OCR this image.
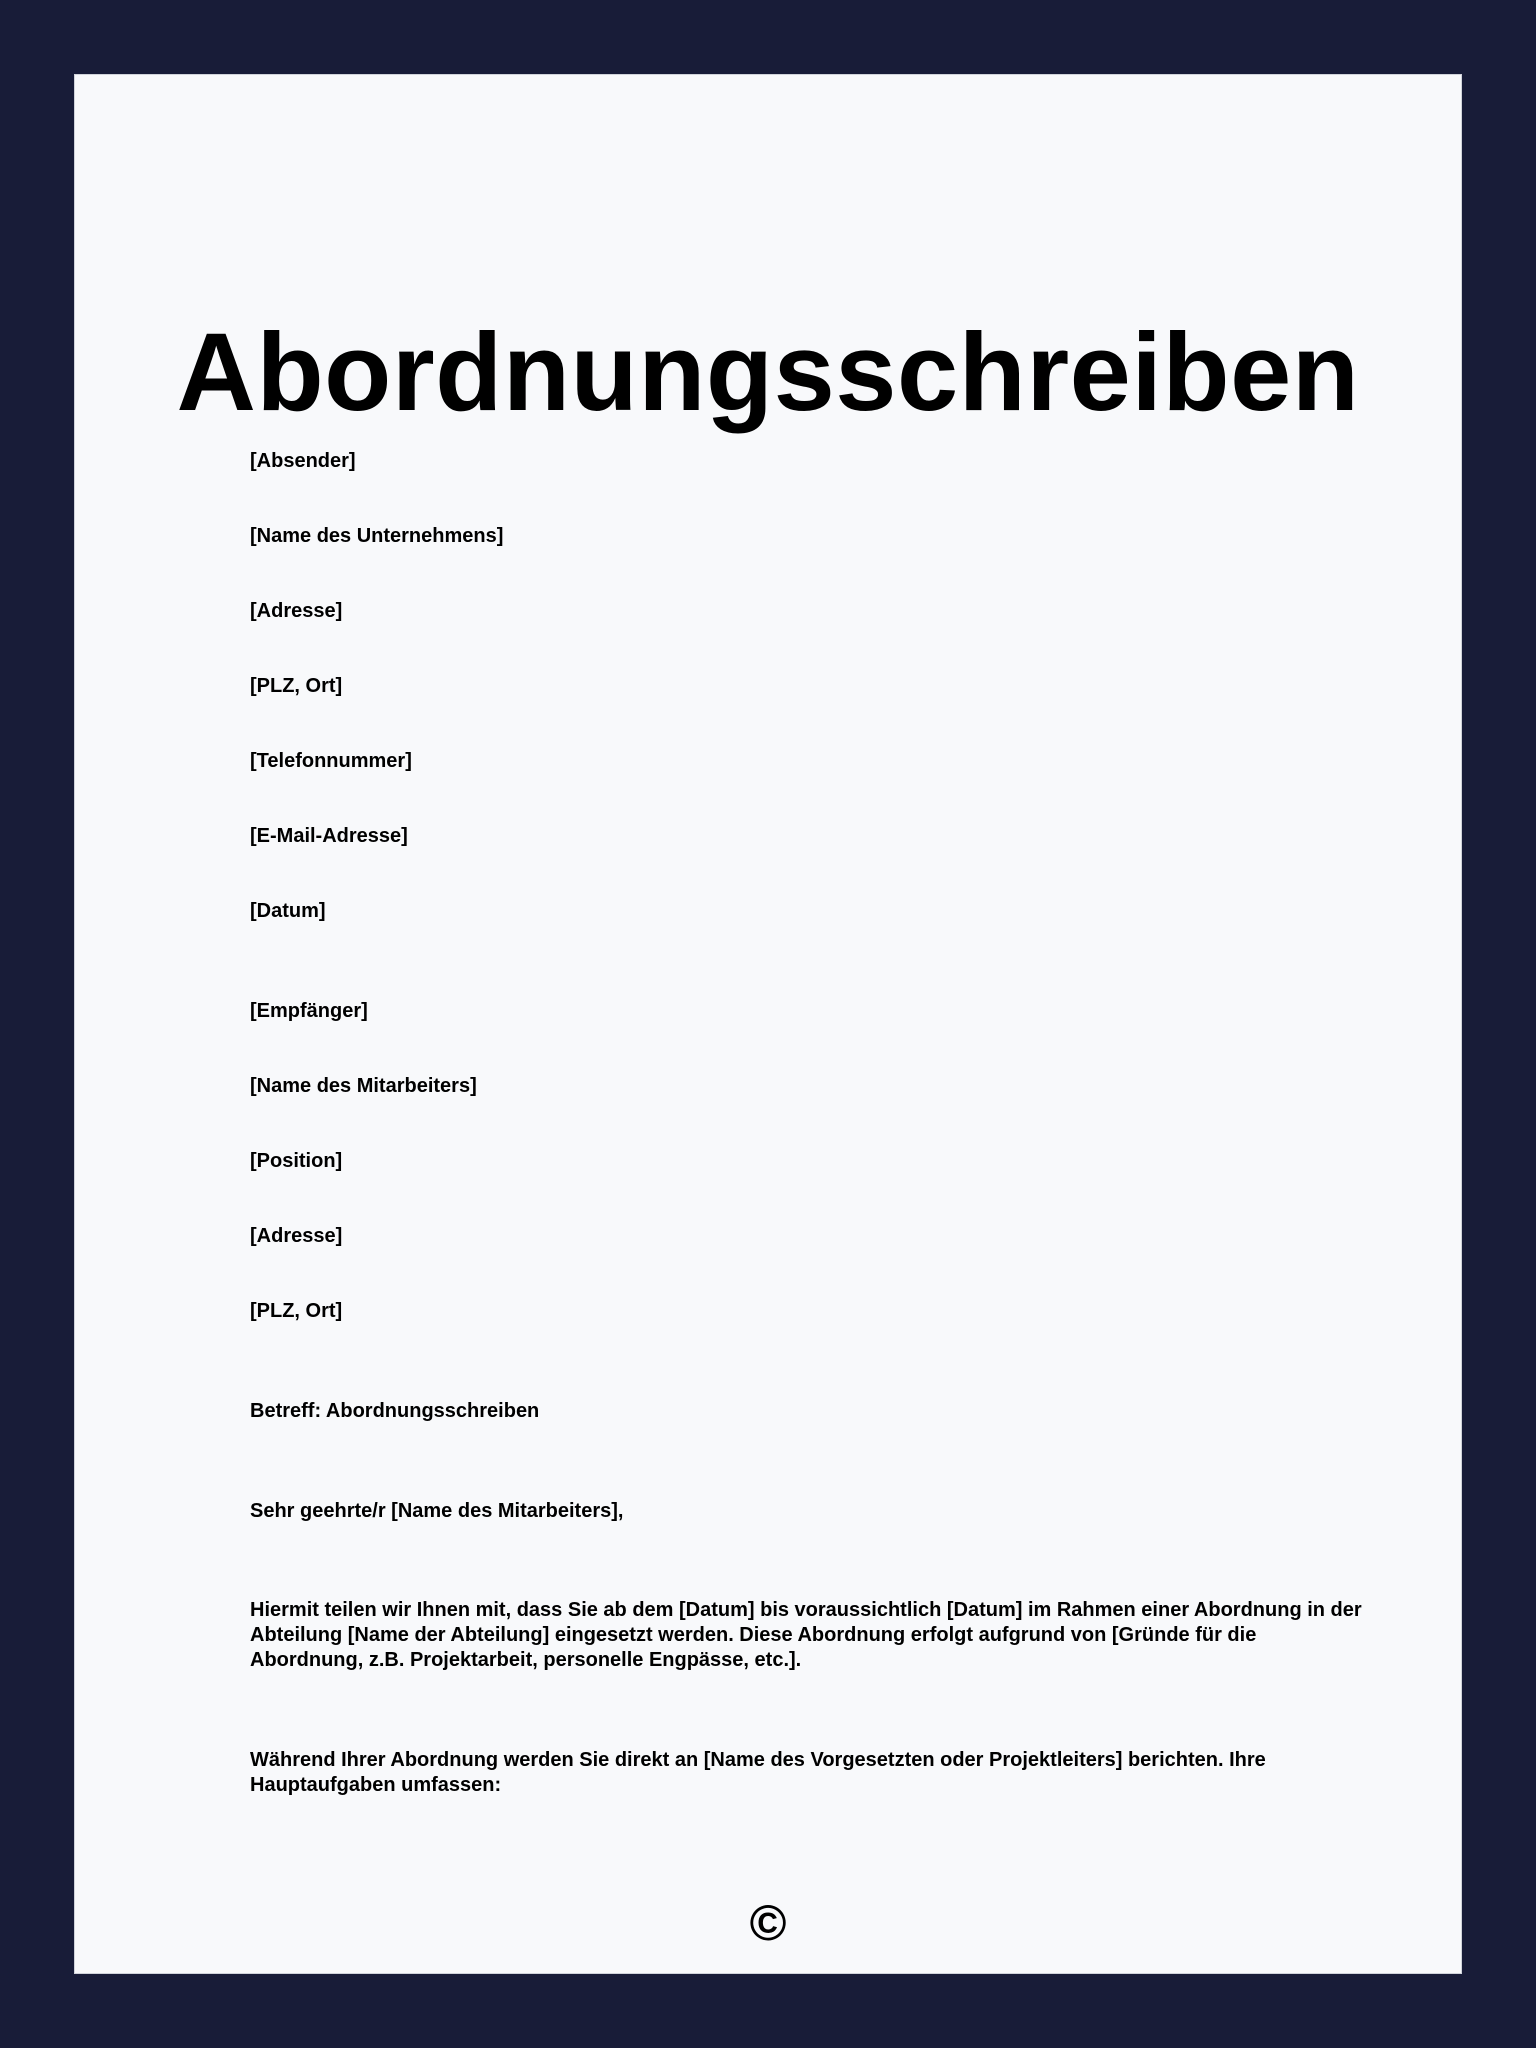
Abordnungsschreiben

[Absender]

[Name des Unternehmens]

[Adresse]

[PLZ, Ort]

[Telefonnummer]

[E-Mail-Adresse]

[Datum]

[Empfänger]

[Name des Mitarbeiters]

[Position]

[Adresse]

[PLZ, Ort]

Betreff: Abordnungsschreiben

Sehr geehrte/r [Name des Mitarbeiters],

Hiermit teilen wir Ihnen mit, dass Sie ab dem [Datum] bis voraussichtlich [Datum] im Rahmen einer Abordnung in der Abteilung [Name der Abteilung] eingesetzt werden. Diese Abordnung erfolgt aufgrund von [Gründe für die Abordnung, z.B. Projektarbeit, personelle Engpässe, etc.].

Während Ihrer Abordnung werden Sie direkt an [Name des Vorgesetzten oder Projektleiters] berichten. Ihre Hauptaufgaben umfassen:

©
